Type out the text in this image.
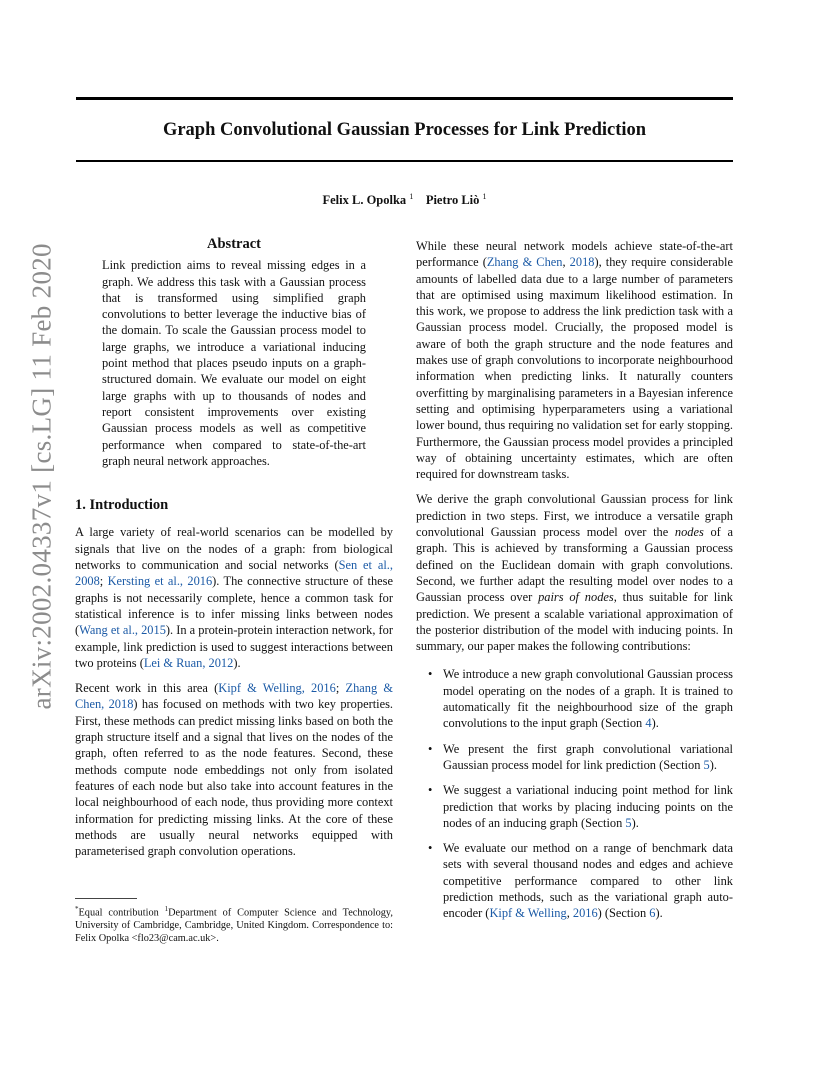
Graph Convolutional Gaussian Processes for Link Prediction
Felix L. Opolka $^1$ Pietro Liò $^1$
arXiv:2002.04337v1 [cs.LG] 11 Feb 2020	Abstract
Link prediction aims to reveal missing edges in a graph. We address this task with a Gaussian process that is transformed using simplified graph convolutions to better leverage the inductive bias of the domain. To scale the Gaussian process model to large graphs, we introduce a variational inducing point method that places pseudo inputs on a graph-structured domain. We evaluate our model on eight large graphs with up to thousands of nodes and report consistent improvements over existing Gaussian process models as well as competitive performance when compared to state-of-the-art graph neural network approaches.
1. Introduction

A large variety of real-world scenarios can be modelled by signals that live on the nodes of a graph: from biological networks to communication and social networks (Sen et al., 2008; Kersting et al., 2016). The connective structure of these graphs is not necessarily complete, hence a common task for statistical inference is to infer missing links between nodes (Wang et al., 2015). In a protein-protein interaction network, for example, link prediction is used to suggest interactions between two proteins (Lei & Ruan, 2012).

Recent work in this area (Kipf & Welling, 2016; Zhang & Chen, 2018) has focused on methods with two key properties. First, these methods can predict missing links based on both the graph structure itself and a signal that lives on the nodes of the graph, often referred to as the node features. Second, these methods compute node embeddings not only from isolated features of each node but also take into account features in the local neighbourhood of each node, thus providing more context information for predicting missing links. At the core of these methods are usually neural networks equipped with parameterised graph convolution operations.

*Equal contribution $^1$Department of Computer Science and Technology, University of Cambridge, Cambridge, United Kingdom. Correspondence to: Felix Opolka <flo23@cam.ac.uk>.

While these neural network models achieve state-of-the-art performance (Zhang & Chen, 2018), they require considerable amounts of labelled data due to a large number of parameters that are optimised using maximum likelihood estimation. In this work, we propose to address the link prediction task with a Gaussian process model. Crucially, the proposed model is aware of both the graph structure and the node features and makes use of graph convolutions to incorporate neighbourhood information when predicting links. It naturally counters overfitting by marginalising parameters in a Bayesian inference setting and optimising hyperparameters using a variational lower bound, thus requiring no validation set for early stopping. Furthermore, the Gaussian process model provides a principled way of obtaining uncertainty estimates, which are often required for downstream tasks.

We derive the graph convolutional Gaussian process for link prediction in two steps. First, we introduce a versatile graph convolutional Gaussian process model over the nodes of a graph. This is achieved by transforming a Gaussian process defined on the Euclidean domain with graph convolutions. Second, we further adapt the resulting model over nodes to a Gaussian process over pairs of nodes, thus suitable for link prediction. We present a scalable variational approximation of the posterior distribution of the model with inducing points. In summary, our paper makes the following contributions:

• We introduce a new graph convolutional Gaussian process model operating on the nodes of a graph. It is trained to automatically fit the neighbourhood size of the graph convolutions to the input graph (Section 4).
• We present the first graph convolutional variational Gaussian process model for link prediction (Section 5).
• We suggest a variational inducing point method for link prediction that works by placing inducing points on the nodes of an inducing graph (Section 5).
• We evaluate our method on a range of benchmark data sets with several thousand nodes and edges and achieve competitive performance compared to other link prediction methods, such as the variational graph auto-encoder (Kipf & Welling, 2016) (Section 6).
